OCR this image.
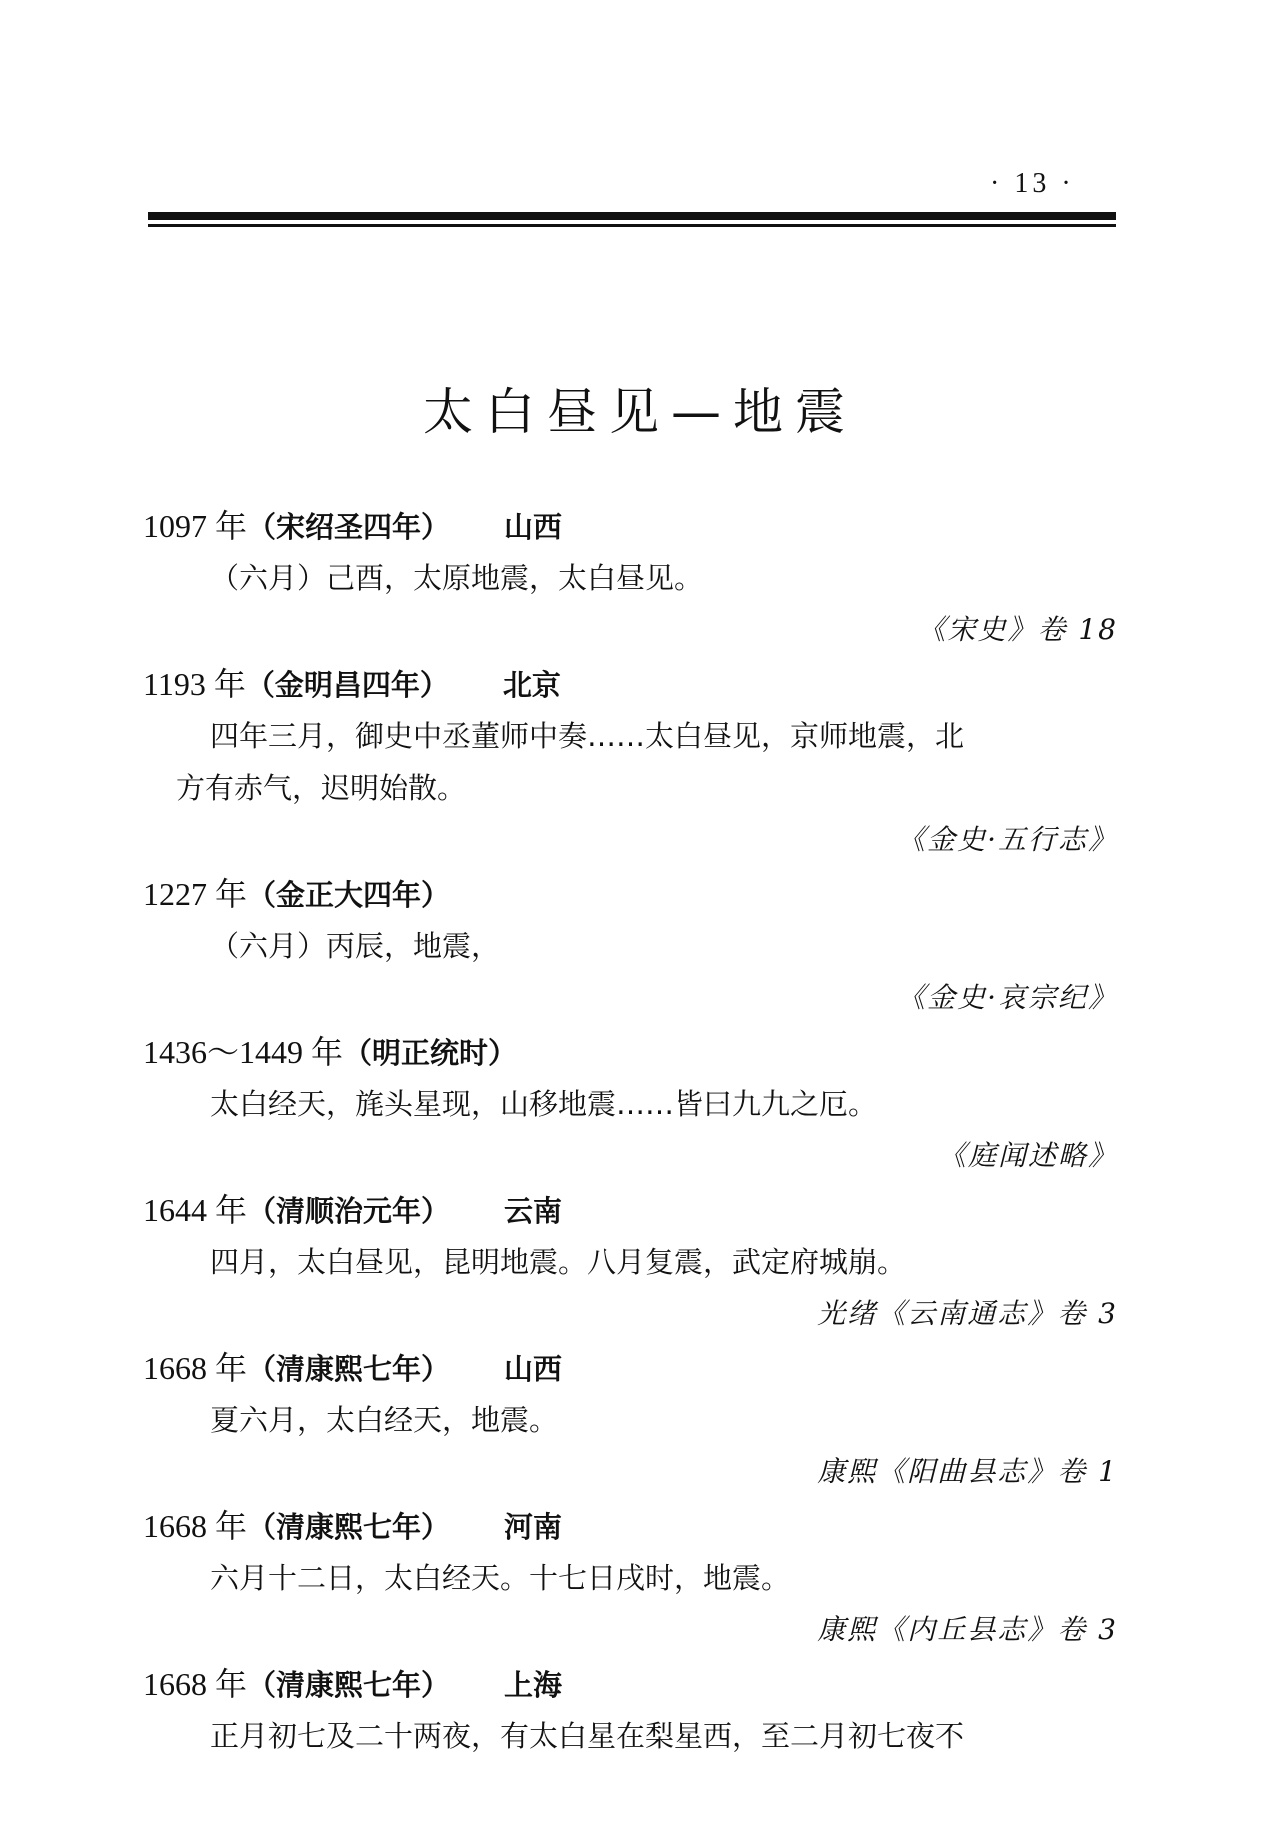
· 13 ·
太白昼见—地震
1097 年（宋绍圣四年） 山西
（六月）己酉，太原地震，太白昼见。
《宋史》卷 18
1193 年（金明昌四年） 北京
四年三月，御史中丞董师中奏……太白昼见，京师地震，北
方有赤气，迟明始散。
《金史·五行志》
1227 年（金正大四年）
（六月）丙辰，地震，
《金史·哀宗纪》
1436～1449 年（明正统时）
太白经天，旄头星现，山移地震……皆曰九九之厄。
《庭闻述略》
1644 年（清顺治元年） 云南
四月，太白昼见，昆明地震。八月复震，武定府城崩。
光绪《云南通志》卷 3
1668 年（清康熙七年） 山西
夏六月，太白经天，地震。
康熙《阳曲县志》卷 1
1668 年（清康熙七年） 河南
六月十二日，太白经天。十七日戌时，地震。
康熙《内丘县志》卷 3
1668 年（清康熙七年） 上海
正月初七及二十两夜，有太白星在梨星西，至二月初七夜不
